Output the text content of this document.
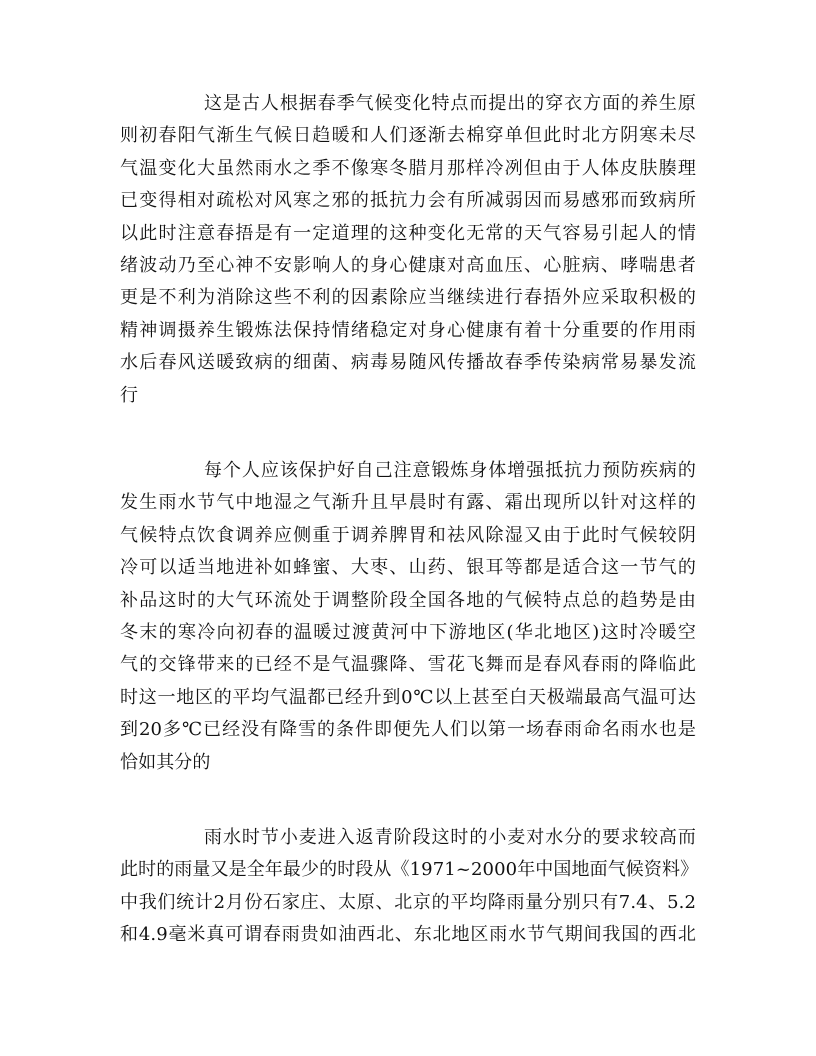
这是古人根据春季气候变化特点而提出的穿衣方面的养生原
则初春阳气渐生气候日趋暖和人们逐渐去棉穿单但此时北方阴寒未尽
气温变化大虽然雨水之季不像寒冬腊月那样冷冽但由于人体皮肤腠理
已变得相对疏松对风寒之邪的抵抗力会有所减弱因而易感邪而致病所
以此时注意春捂是有一定道理的这种变化无常的天气容易引起人的情
绪波动乃至心神不安影响人的身心健康对高血压、心脏病、哮喘患者
更是不利为消除这些不利的因素除应当继续进行春捂外应采取积极的
精神调摄养生锻炼法保持情绪稳定对身心健康有着十分重要的作用雨
水后春风送暖致病的细菌、病毒易随风传播故春季传染病常易暴发流
行
每个人应该保护好自己注意锻炼身体增强抵抗力预防疾病的
发生雨水节气中地湿之气渐升且早晨时有露、霜出现所以针对这样的
气候特点饮食调养应侧重于调养脾胃和祛风除湿又由于此时气候较阴
冷可以适当地进补如蜂蜜、大枣、山药、银耳等都是适合这一节气的
补品这时的大气环流处于调整阶段全国各地的气候特点总的趋势是由
冬末的寒冷向初春的温暖过渡黄河中下游地区(华北地区)这时冷暖空
气的交锋带来的已经不是气温骤降、雪花飞舞而是春风春雨的降临此
时这一地区的平均气温都已经升到0℃以上甚至白天极端最高气温可达
到20多℃已经没有降雪的条件即便先人们以第一场春雨命名雨水也是
恰如其分的
雨水时节小麦进入返青阶段这时的小麦对水分的要求较高而
此时的雨量又是全年最少的时段从《1971~2000年中国地面气候资料》
中我们统计2月份石家庄、太原、北京的平均降雨量分别只有7.4、5.2
和4.9毫米真可谓春雨贵如油西北、东北地区雨水节气期间我国的西北
